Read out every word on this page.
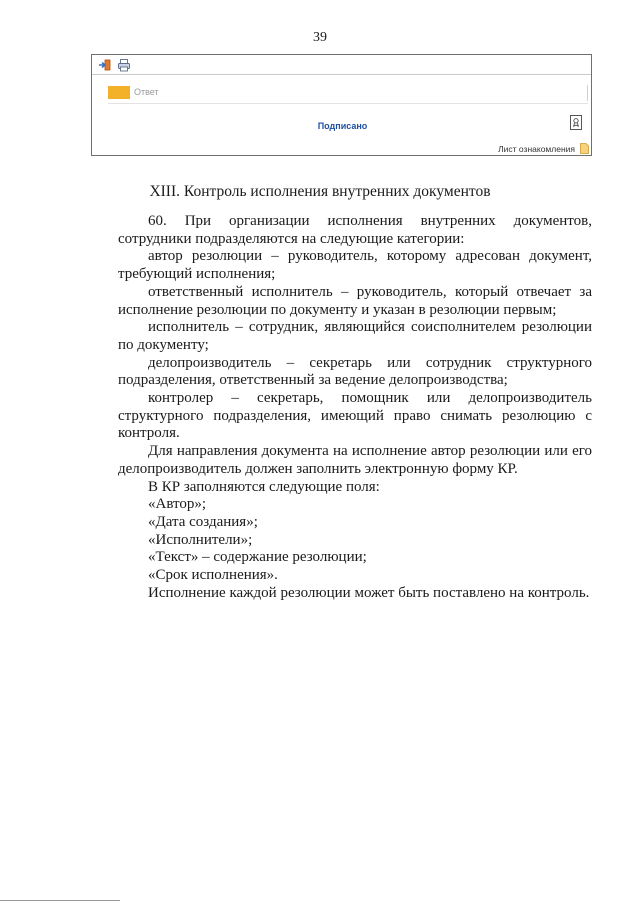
39
Ответ
Подписано
Лист ознакомления
XIII. Контроль исполнения внутренних документов

60. При организации исполнения внутренних документов, сотрудники подразделяются на следующие категории:

автор резолюции – руководитель, которому адресован документ, требующий исполнения;

ответственный исполнитель – руководитель, который отвечает за исполнение резолюции по документу и указан в резолюции первым;

исполнитель – сотрудник, являющийся соисполнителем резолюции по документу;

делопроизводитель – секретарь или сотрудник структурного подразделения, ответственный за ведение делопроизводства;

контролер – секретарь, помощник или делопроизводитель структурного подразделения, имеющий право снимать резолюцию с контроля.

Для направления документа на исполнение автор резолюции или его делопроизводитель должен заполнить электронную форму КР.

В КР заполняются следующие поля:

«Автор»;

«Дата создания»;

«Исполнители»;

«Текст» – содержание резолюции;

«Срок исполнения».

Исполнение каждой резолюции может быть поставлено на контроль.
